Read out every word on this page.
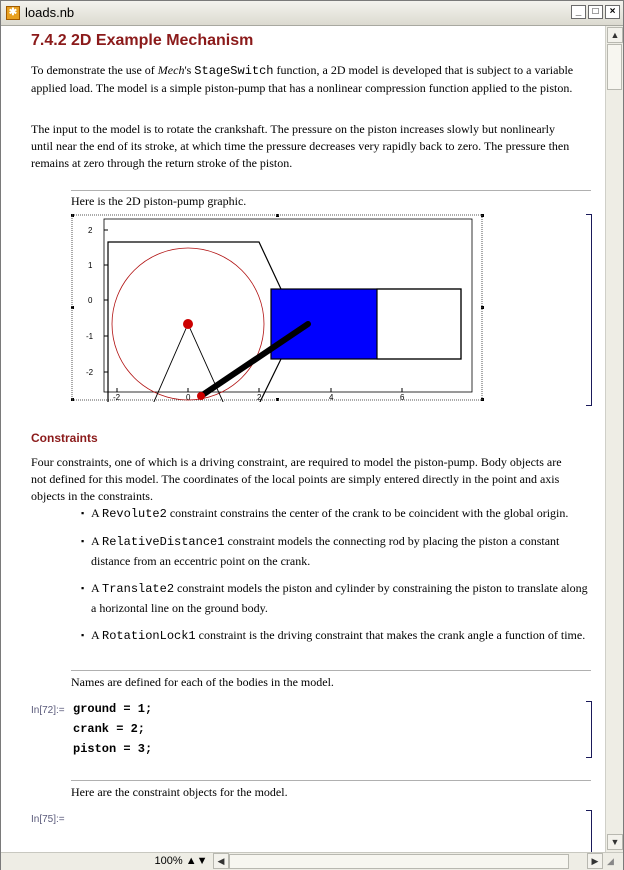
✱ loads.nb	_	□	×
7.4.2 2D Example Mechanism

To demonstrate the use of Mech's StageSwitch function, a 2D model is developed that is subject to a variable applied load. The model is a simple piston-pump that has a nonlinear compression function applied to the piston.

The input to the model is to rotate the crankshaft. The pressure on the piston increases slowly but nonlinearly until near the end of its stroke, at which time the pressure decreases very rapidly back to zero. The pressure then remains at zero through the return stroke of the piston.

Here is the 2D piston-pump graphic.
2
1
0
-1
-2
-2	0	2	4	6
Constraints

Four constraints, one of which is a driving constraint, are required to model the piston-pump. Body objects are not defined for this model. The coordinates of the local points are simply entered directly in the point and axis objects in the constraints.

▪ A Revolute2 constraint constrains the center of the crank to be coincident with the global origin.
▪ A RelativeDistance1 constraint models the connecting rod by placing the piston a constant distance from an eccentric point on the crank.
▪ A Translate2 constraint models the piston and cylinder by constraining the piston to translate along a horizontal line on the ground body.
▪ A RotationLock1 constraint is the driving constraint that makes the crank angle a function of time.
Names are defined for each of the bodies in the model.
In[72]:= ground = 1;
crank = 2;
piston = 3;
Here are the constraint objects for the model.
In[75]:=

▲
▼
100% ▲▼	◀	▶ ◢
